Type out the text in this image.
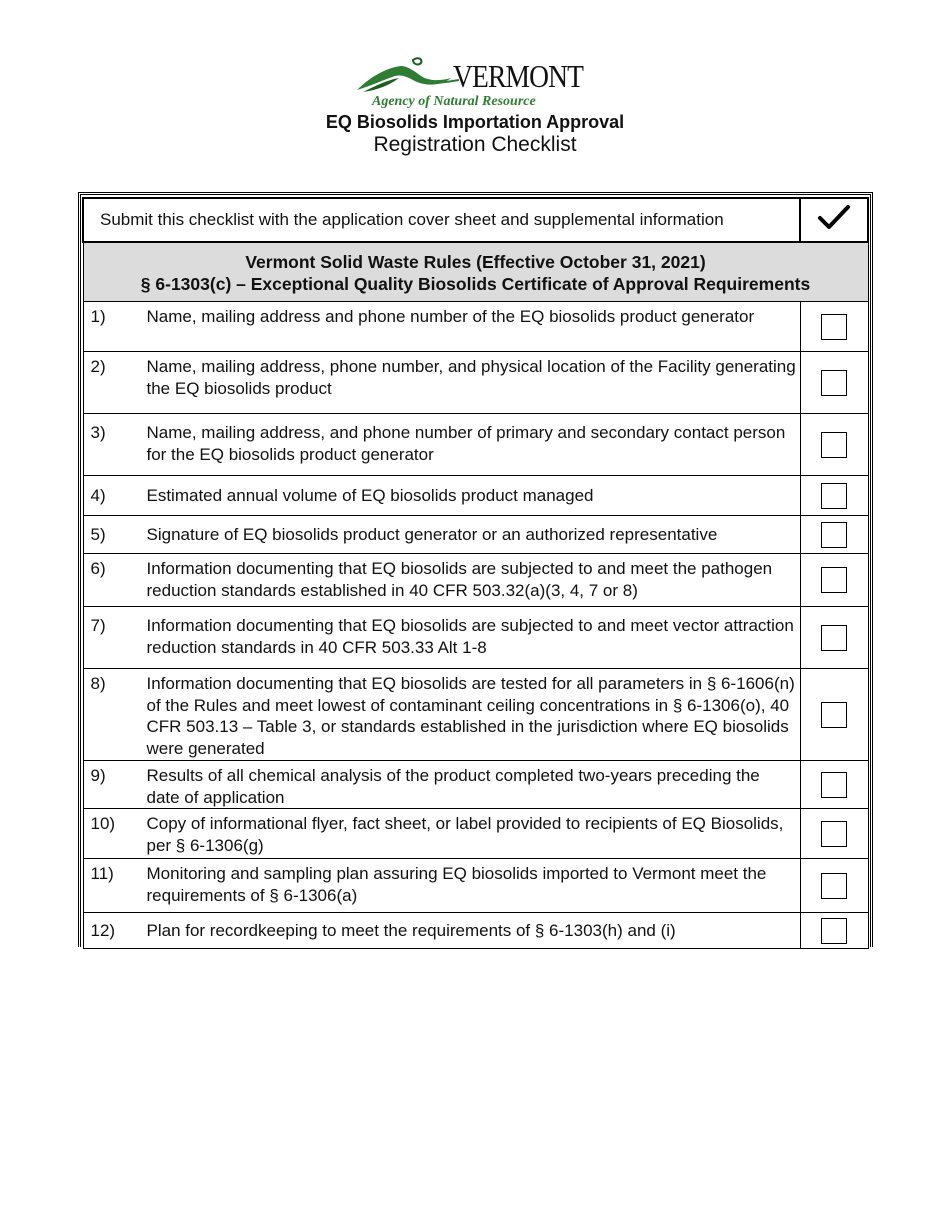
VERMONT
Agency of Natural Resource
EQ Biosolids Importation Approval
Registration Checklist
Submit this checklist with the application cover sheet and supplemental information	

Vermont Solid Waste Rules (Effective October 31, 2021)
§ 6-1303(c) – Exceptional Quality Biosolids Certificate of Approval Requirements	

1) Name, mailing address and phone number of the EQ biosolids product generator	
2) Name, mailing address, phone number, and physical location of the Facility generating the EQ biosolids product	
3) Name, mailing address, and phone number of primary and secondary contact person for the EQ biosolids product generator	
4) Estimated annual volume of EQ biosolids product managed	
5) Signature of EQ biosolids product generator or an authorized representative	
6) Information documenting that EQ biosolids are subjected to and meet the pathogen reduction standards established in 40 CFR 503.32(a)(3, 4, 7 or 8)	
7) Information documenting that EQ biosolids are subjected to and meet vector attraction reduction standards in 40 CFR 503.33 Alt 1-8	
8) Information documenting that EQ biosolids are tested for all parameters in § 6-1606(n) of the Rules and meet lowest of contaminant ceiling concentrations in § 6-1306(o), 40 CFR 503.13 – Table 3, or standards established in the jurisdiction where EQ biosolids were generated	
9) Results of all chemical analysis of the product completed two-years preceding the date of application	
10) Copy of informational flyer, fact sheet, or label provided to recipients of EQ Biosolids, per § 6-1306(g)	
11) Monitoring and sampling plan assuring EQ biosolids imported to Vermont meet the requirements of § 6-1306(a)	
12) Plan for recordkeeping to meet the requirements of § 6-1303(h) and (i)	
